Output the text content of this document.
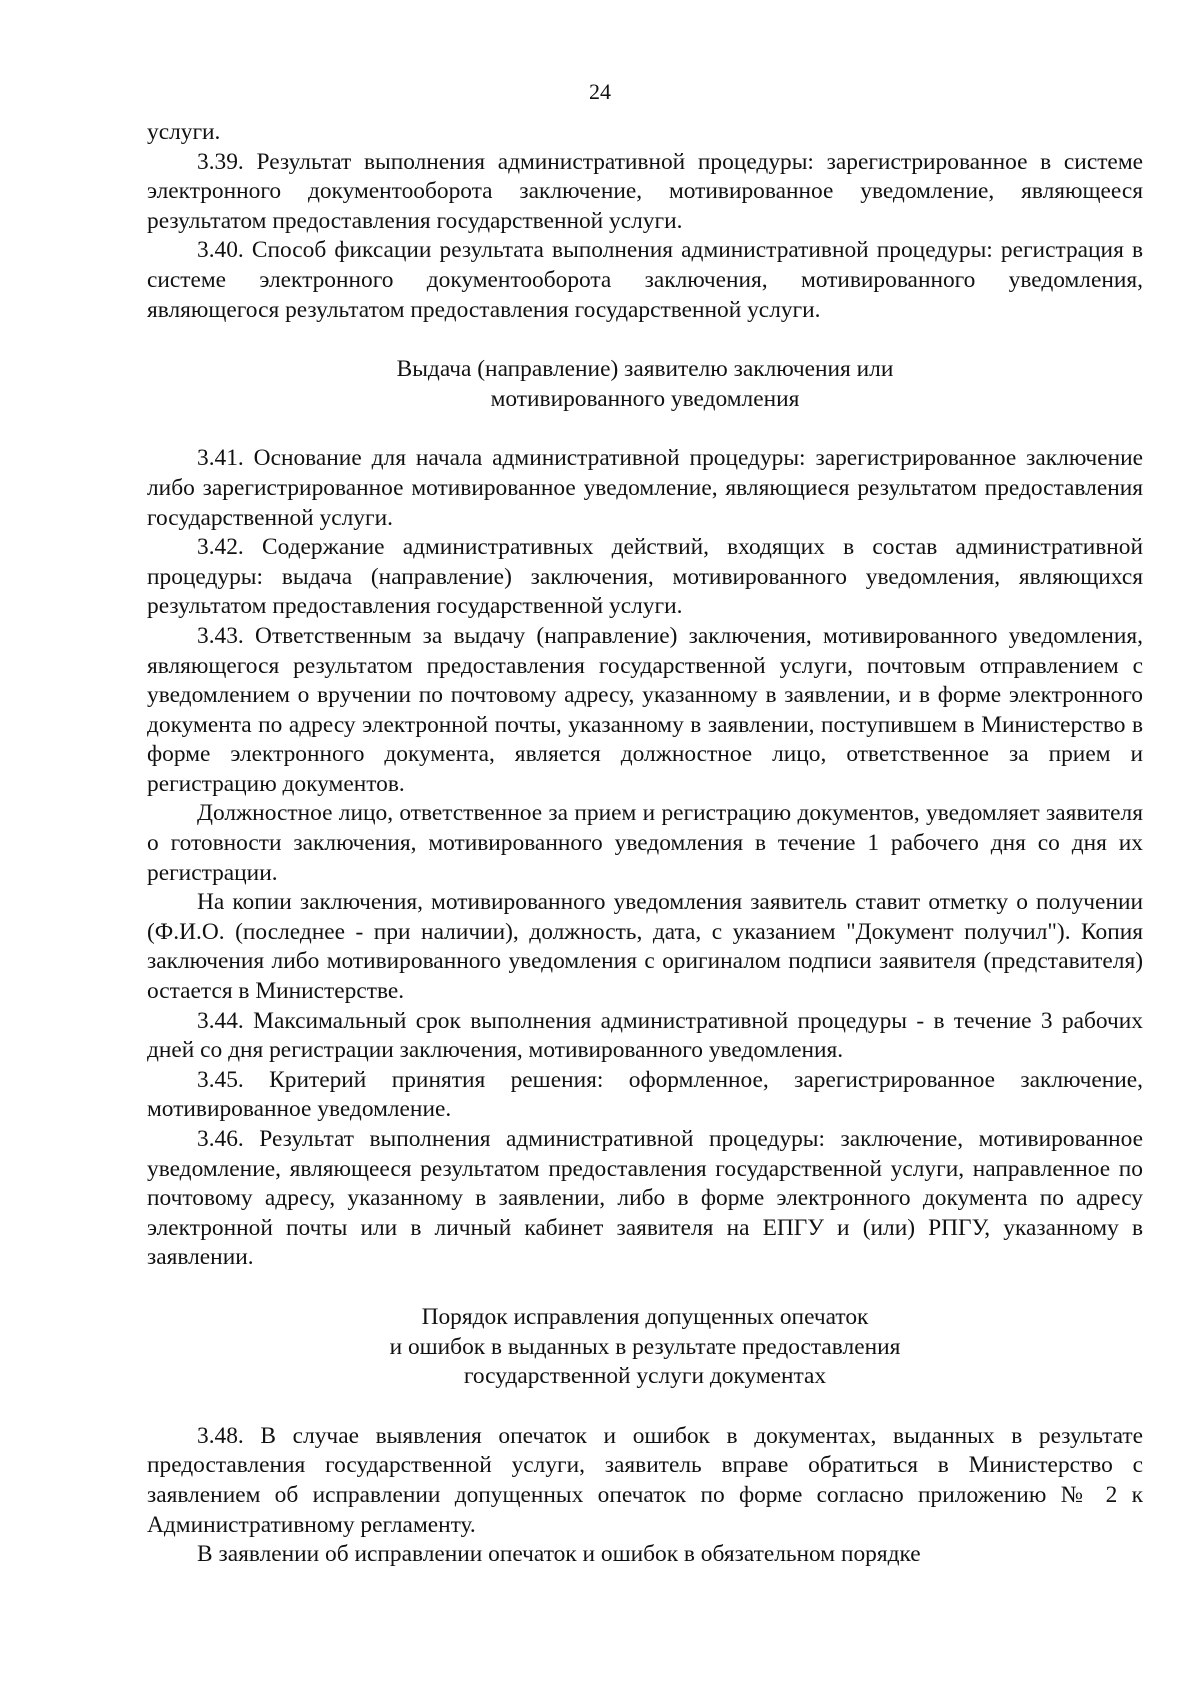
24

услуги.

3.39. Результат выполнения административной процедуры: зарегистрированное в системе электронного документооборота заключение, мотивированное уведомление, являющееся результатом предоставления государственной услуги.

3.40. Способ фиксации результата выполнения административной процедуры: регистрация в системе электронного документооборота заключения, мотивированного уведомления, являющегося результатом предоставления государственной услуги.

Выдача (направление) заявителю заключения или
мотивированного уведомления

3.41. Основание для начала административной процедуры: зарегистрированное заключение либо зарегистрированное мотивированное уведомление, являющиеся результатом предоставления государственной услуги.

3.42. Содержание административных действий, входящих в состав административной процедуры: выдача (направление) заключения, мотивированного уведомления, являющихся результатом предоставления государственной услуги.

3.43. Ответственным за выдачу (направление) заключения, мотивированного уведомления, являющегося результатом предоставления государственной услуги, почтовым отправлением с уведомлением о вручении по почтовому адресу, указанному в заявлении, и в форме электронного документа по адресу электронной почты, указанному в заявлении, поступившем в Министерство в форме электронного документа, является должностное лицо, ответственное за прием и регистрацию документов.

Должностное лицо, ответственное за прием и регистрацию документов, уведомляет заявителя о готовности заключения, мотивированного уведомления в течение 1 рабочего дня со дня их регистрации.

На копии заключения, мотивированного уведомления заявитель ставит отметку о получении (Ф.И.О. (последнее - при наличии), должность, дата, с указанием "Документ получил"). Копия заключения либо мотивированного уведомления с оригиналом подписи заявителя (представителя) остается в Министерстве.

3.44. Максимальный срок выполнения административной процедуры - в течение 3 рабочих дней со дня регистрации заключения, мотивированного уведомления.

3.45. Критерий принятия решения: оформленное, зарегистрированное заключение, мотивированное уведомление.

3.46. Результат выполнения административной процедуры: заключение, мотивированное уведомление, являющееся результатом предоставления государственной услуги, направленное по почтовому адресу, указанному в заявлении, либо в форме электронного документа по адресу электронной почты или в личный кабинет заявителя на ЕПГУ и (или) РПГУ, указанному в заявлении.

Порядок исправления допущенных опечаток
и ошибок в выданных в результате предоставления
государственной услуги документах

3.48. В случае выявления опечаток и ошибок в документах, выданных в результате предоставления государственной услуги, заявитель вправе обратиться в Министерство с заявлением об исправлении допущенных опечаток по форме согласно приложению № 2 к Административному регламенту.

В заявлении об исправлении опечаток и ошибок в обязательном порядке
